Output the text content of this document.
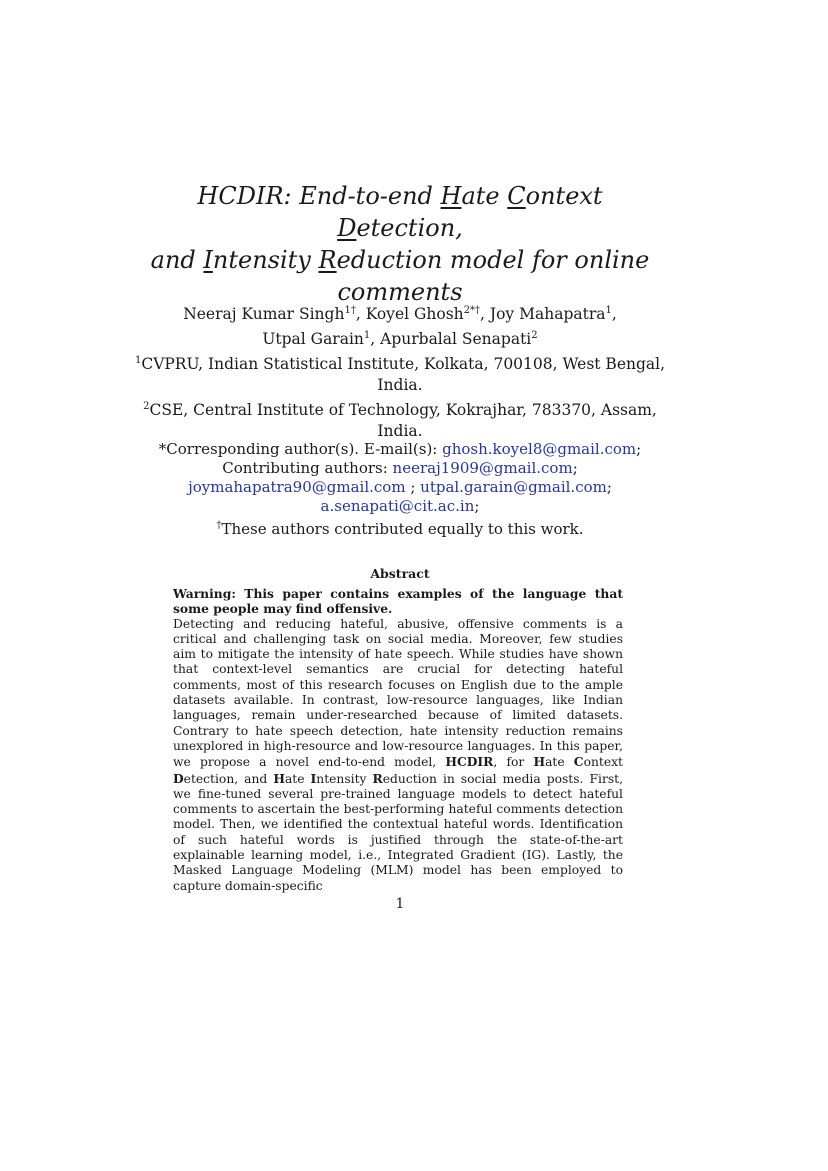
HCDIR: End-to-end Hate Context Detection,
and Intensity Reduction model for online
comments
Neeraj Kumar Singh$^{1\dagger}$, Koyel Ghosh$^{2*\dagger}$, Joy Mahapatra$^1$,
Utpal Garain$^1$, Apurbalal Senapati$^2$
$^1$CVPRU, Indian Statistical Institute, Kolkata, 700108, West Bengal, India.
$^2$CSE, Central Institute of Technology, Kokrajhar, 783370, Assam, India.
*Corresponding author(s). E-mail(s): ghosh.koyel8@gmail.com;
Contributing authors: neeraj1909@gmail.com;
joymahapatra90@gmail.com ; utpal.garain@gmail.com;
a.senapati@cit.ac.in;
†These authors contributed equally to this work.
Abstract
Warning: This paper contains examples of the language that some people may find offensive.
Detecting and reducing hateful, abusive, offensive comments is a critical and challenging task on social media. Moreover, few studies aim to mitigate the intensity of hate speech. While studies have shown that context-level semantics are crucial for detecting hateful comments, most of this research focuses on English due to the ample datasets available. In contrast, low-resource languages, like Indian languages, remain under-researched because of limited datasets. Contrary to hate speech detection, hate intensity reduction remains unexplored in high-resource and low-resource languages. In this paper, we propose a novel end-to-end model, HCDIR, for Hate Context Detection, and Hate Intensity Reduction in social media posts. First, we fine-tuned several pre-trained language models to detect hateful comments to ascertain the best-performing hateful comments detection model. Then, we identified the contextual hateful words. Identification of such hateful words is justified through the state-of-the-art explainable learning model, i.e., Integrated Gradient (IG). Lastly, the Masked Language Modeling (MLM) model has been employed to capture domain-specific
1
